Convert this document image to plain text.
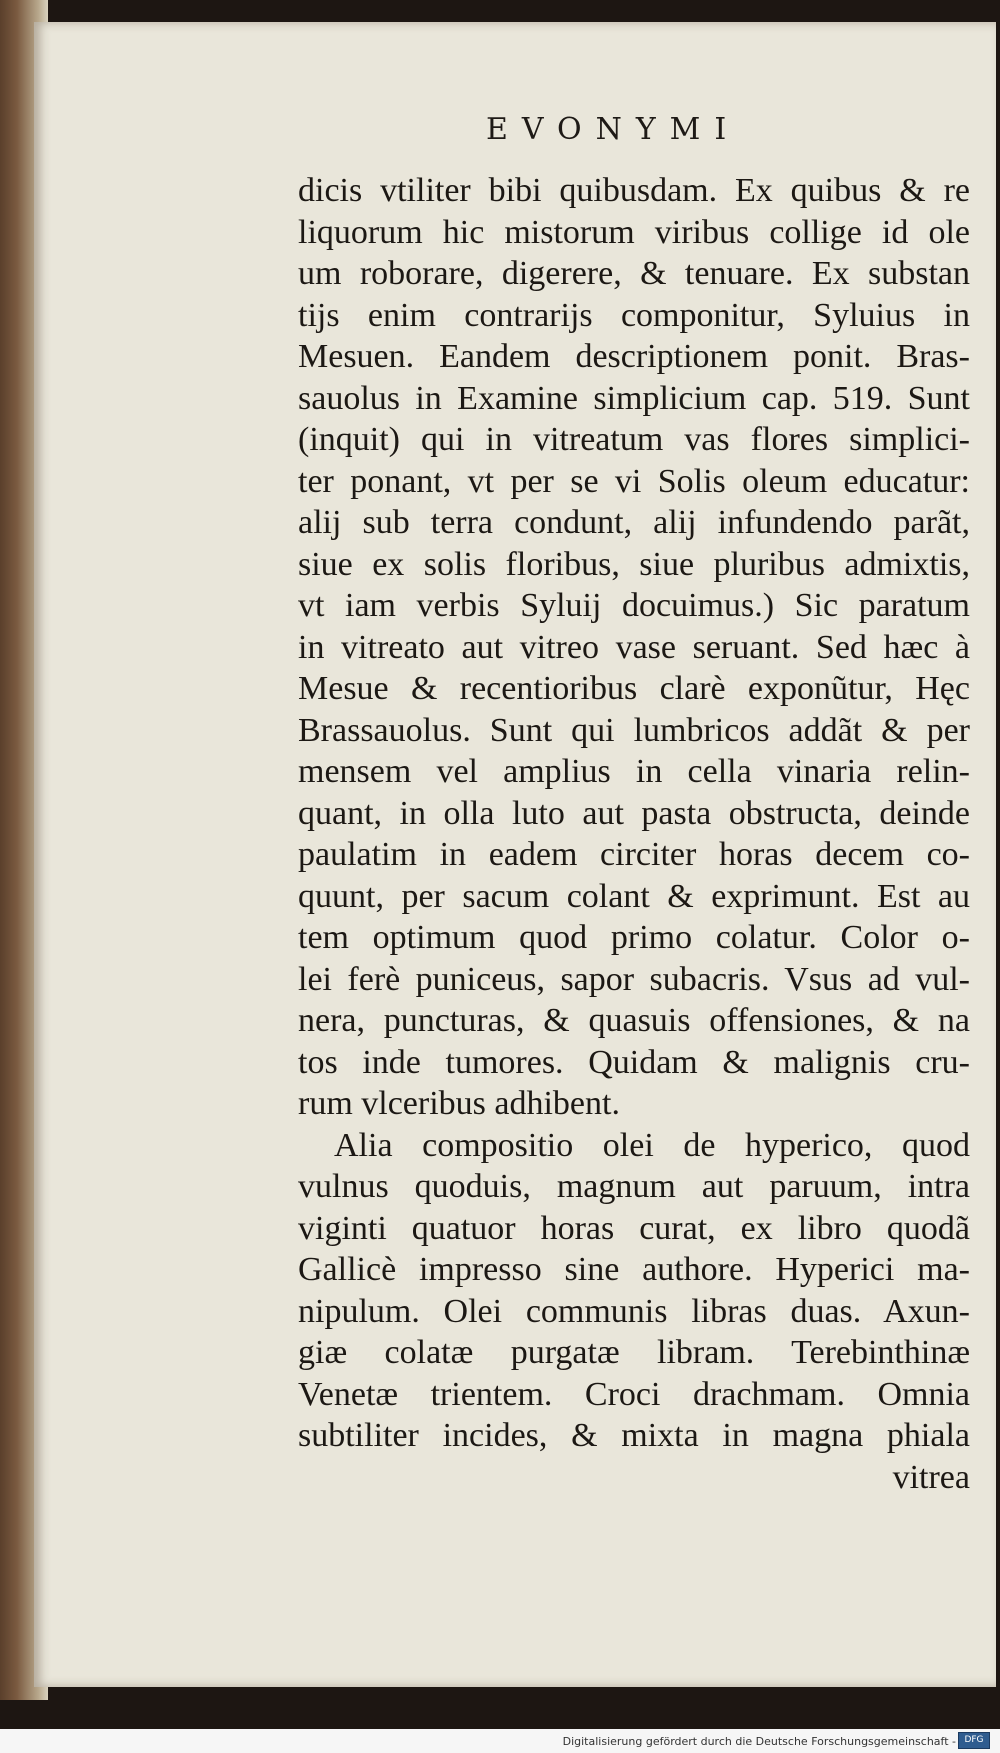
EVONYMI
dicis vtiliter bibi quibusdam. Ex quibus & re
liquorum hic mistorum viribus collige id ole
um roborare, digerere, & tenuare. Ex substan
tijs enim contrarijs componitur, Syluius in
Mesuen. Eandem descriptionem ponit. Bras-
sauolus in Examine simplicium cap. 519. Sunt
(inquit) qui in vitreatum vas flores simplici-
ter ponant, vt per se vi Solis oleum educatur:
alij sub terra condunt, alij infundendo parãt,
siue ex solis floribus, siue pluribus admixtis,
vt iam verbis Syluij docuimus.) Sic paratum
in vitreato aut vitreo vase seruant. Sed hæc à
Mesue & recentioribus clarè exponũtur, Hęc
Brassauolus. Sunt qui lumbricos addãt & per
mensem vel amplius in cella vinaria relin-
quant, in olla luto aut pasta obstructa, deinde
paulatim in eadem circiter horas decem co-
quunt, per sacum colant & exprimunt. Est au
tem optimum quod primo colatur. Color o-
lei ferè puniceus, sapor subacris. Vsus ad vul-
nera, puncturas, & quasuis offensiones, & na
tos inde tumores. Quidam & malignis cru-
rum vlceribus adhibent.
Alia compositio olei de hyperico, quod
vulnus quoduis, magnum aut paruum, intra
viginti quatuor horas curat, ex libro quodã
Gallicè impresso sine authore. Hyperici ma-
nipulum. Olei communis libras duas. Axun-
giæ colatæ purgatæ libram. Terebinthinæ
Venetæ trientem. Croci drachmam. Omnia
subtiliter incides, & mixta in magna phiala
vitrea
Digitalisierung gefördert durch die Deutsche Forschungsgemeinschaft - DFG
